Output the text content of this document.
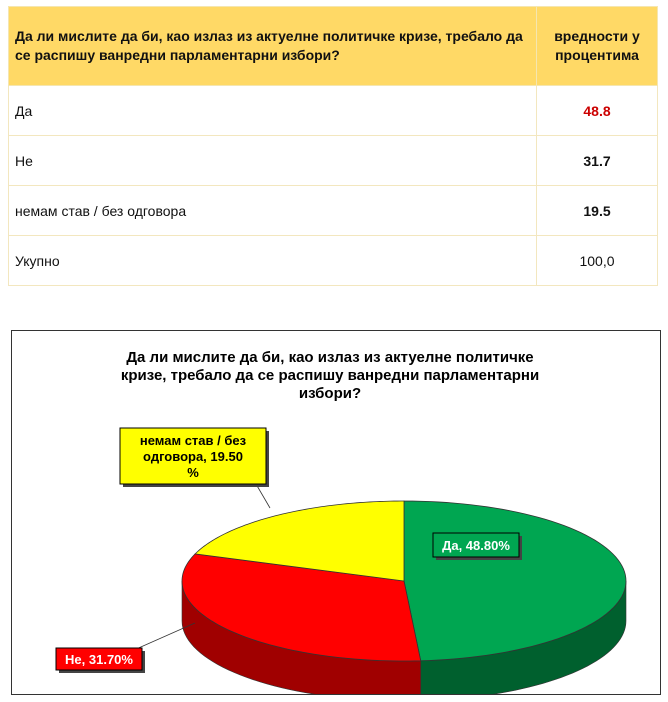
Да ли мислите да би, као излаз из актуелне политичке кризе, требало да се распишу ванредни парламентарни избори?	вредности у процентима
Да	48.8
Не	31.7
немам став / без одговора	19.5
Укупно	100,0
Да ли мислите да би, као излаз из актуелне политичке
кризе, требало да се распишу ванредни парламентарни
избори?
Да, 48.80%
Не, 31.70%
немам став / без
одговора, 19.50
%
